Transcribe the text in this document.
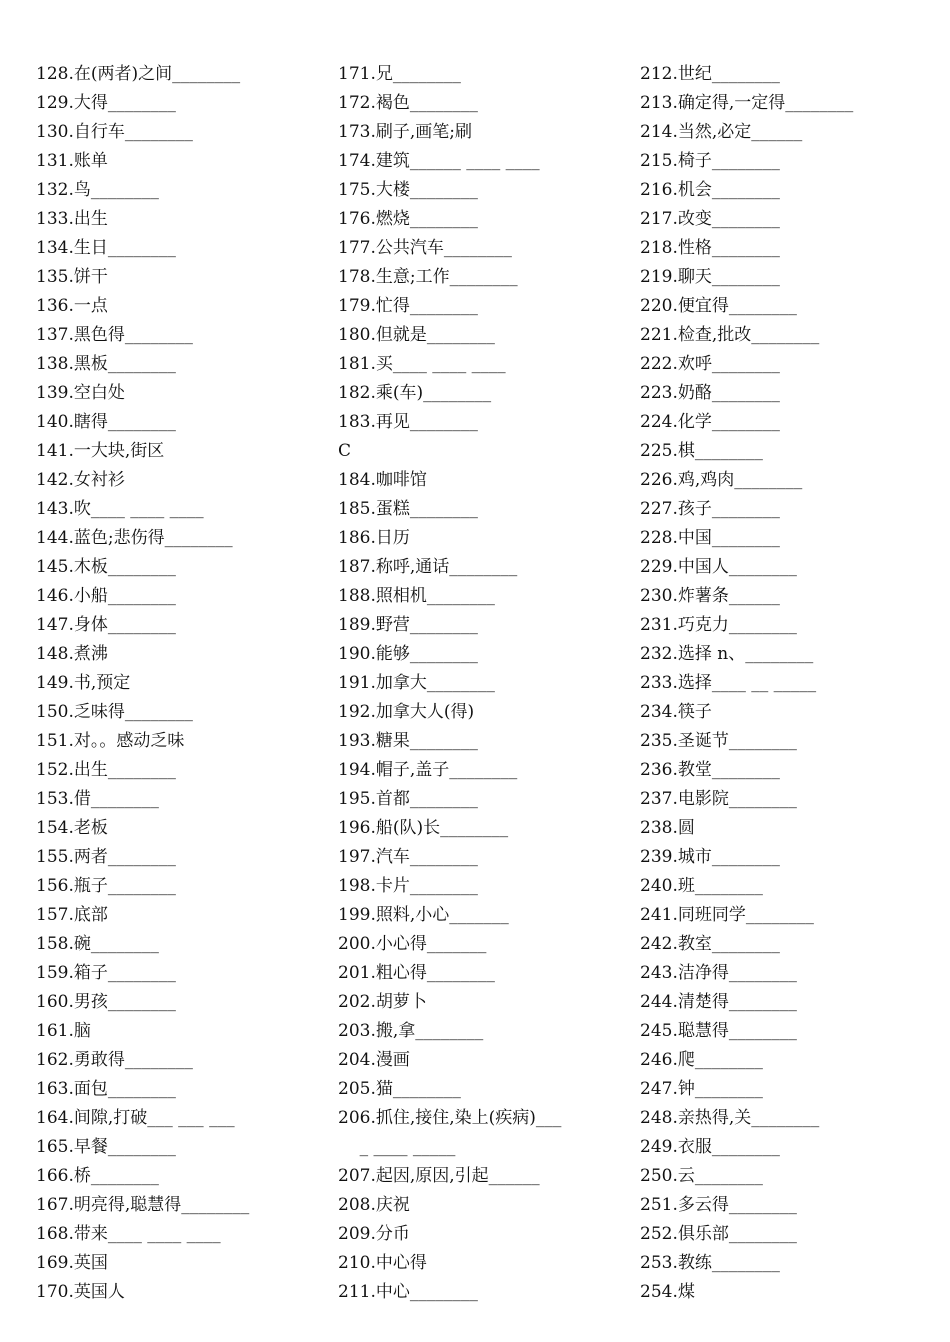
128.在(两者)之间________
129.大得________
130.自行车________
131.账单
132.鸟________
133.出生
134.生日________
135.饼干
136.一点
137.黑色得________
138.黑板________
139.空白处
140.瞎得________
141.一大块,街区
142.女衬衫
143.吹____ ____ ____
144.蓝色;悲伤得________
145.木板________
146.小船________
147.身体________
148.煮沸
149.书,预定
150.乏味得________
151.对。。感动乏味
152.出生________
153.借________
154.老板
155.两者________
156.瓶子________
157.底部
158.碗________
159.箱子________
160.男孩________
161.脑
162.勇敢得________
163.面包________
164.间隙,打破___ ___ ___
165.早餐________
166.桥________
167.明亮得,聪慧得________
168.带来____ ____ ____
169.英国
170.英国人
171.兄________
172.褐色________
173.刷子,画笔;刷
174.建筑______ ____ ____
175.大楼________
176.燃烧________
177.公共汽车________
178.生意;工作________
179.忙得________
180.但就是________
181.买____ ____ ____
182.乘(车)________
183.再见________
C
184.咖啡馆
185.蛋糕________
186.日历
187.称呼,通话________
188.照相机________
189.野营________
190.能够________
191.加拿大________
192.加拿大人(得)
193.糖果________
194.帽子,盖子________
195.首都________
196.船(队)长________
197.汽车________
198.卡片________
199.照料,小心_______
200.小心得_______
201.粗心得________
202.胡萝卜
203.搬,拿________
204.漫画
205.猫________
206.抓住,接住,染上(疾病)___
_ ____ _____
207.起因,原因,引起______
208.庆祝
209.分币
210.中心得
211.中心________
212.世纪________
213.确定得,一定得________
214.当然,必定______
215.椅子________
216.机会________
217.改变________
218.性格________
219.聊天________
220.便宜得________
221.检查,批改________
222.欢呼________
223.奶酪________
224.化学________
225.棋________
226.鸡,鸡肉________
227.孩子________
228.中国________
229.中国人________
230.炸薯条______
231.巧克力________
232.选择 n、________
233.选择____ __ _____
234.筷子
235.圣诞节________
236.教堂________
237.电影院________
238.圆
239.城市________
240.班________
241.同班同学________
242.教室________
243.洁净得________
244.清楚得________
245.聪慧得________
246.爬________
247.钟________
248.亲热得,关________
249.衣服________
250.云________
251.多云得________
252.俱乐部________
253.教练________
254.煤
